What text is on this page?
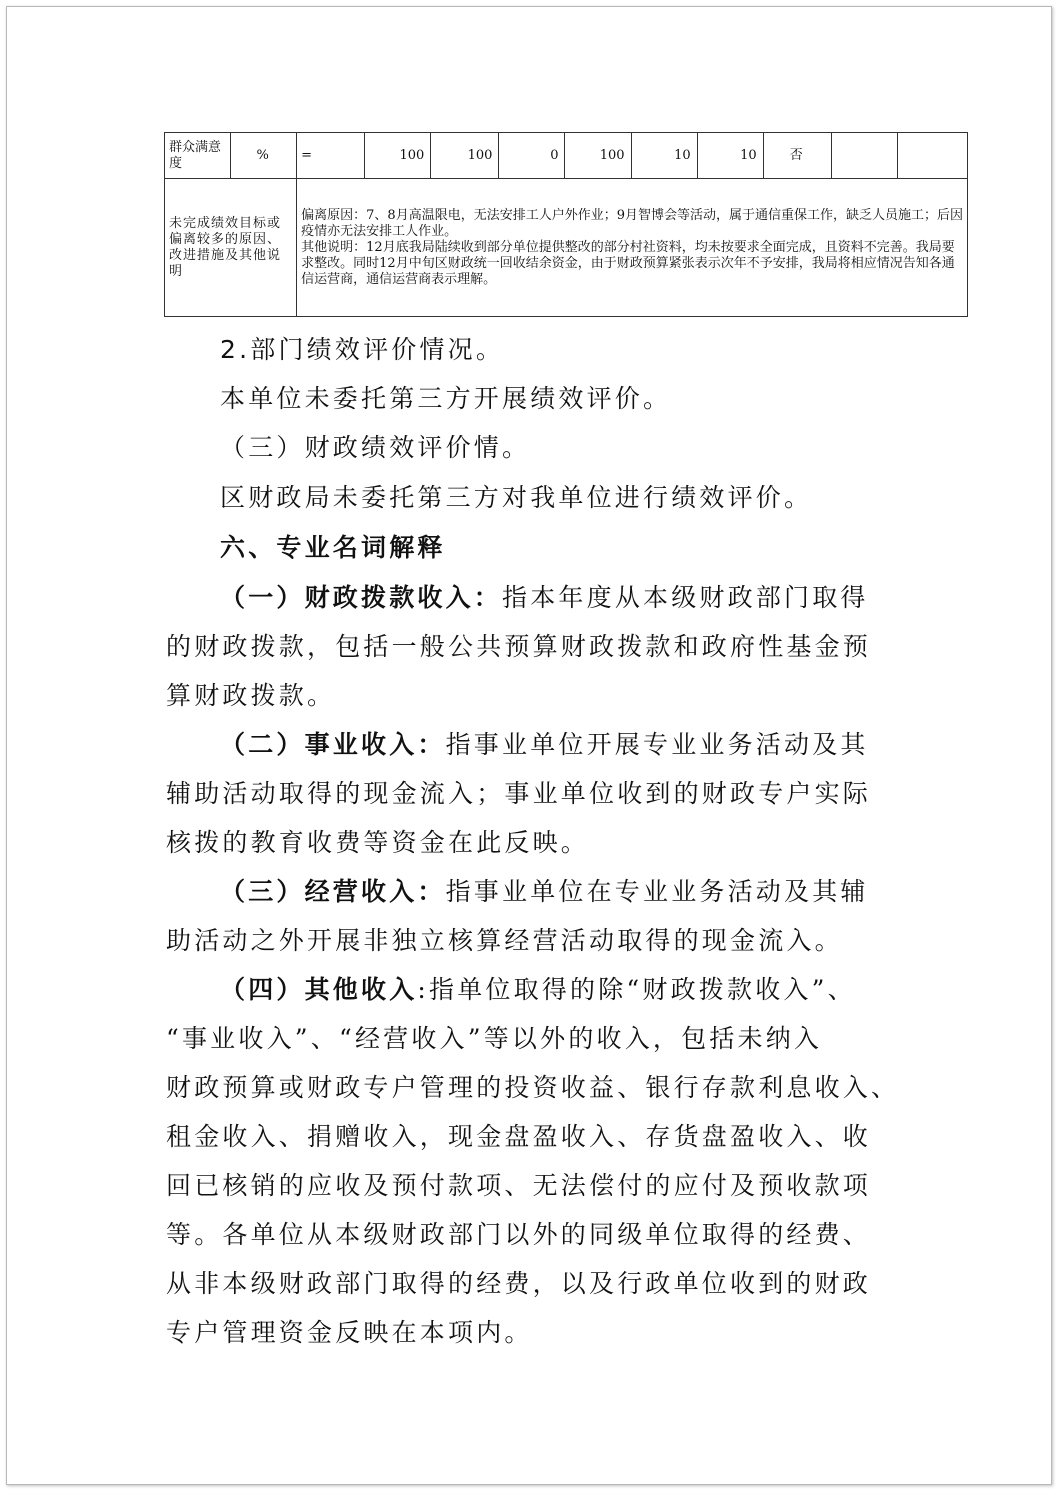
群众满意度	%	=	100	100	0	100	10	10	否		
未完成绩效目标或偏离较多的原因、改进措施及其他说明		偏离原因：7、8月高温限电，无法安排工人户外作业；9月智博会等活动，属于通信重保工作，缺乏人员施工；后因疫情亦无法安排工人作业。
其他说明：12月底我局陆续收到部分单位提供整改的部分村社资料，均未按要求全面完成，且资料不完善。我局要求整改。同时12月中旬区财政统一回收结余资金，由于财政预算紧张表示次年不予安排，我局将相应情况告知各通信运营商，通信运营商表示理解。									

2.部门绩效评价情况。

本单位未委托第三方开展绩效评价。

（三）财政绩效评价情。

区财政局未委托第三方对我单位进行绩效评价。

六、专业名词解释

（一）财政拨款收入：指本年度从本级财政部门取得

的财政拨款，包括一般公共预算财政拨款和政府性基金预

算财政拨款。

（二）事业收入：指事业单位开展专业业务活动及其

辅助活动取得的现金流入；事业单位收到的财政专户实际

核拨的教育收费等资金在此反映。

（三）经营收入：指事业单位在专业业务活动及其辅

助活动之外开展非独立核算经营活动取得的现金流入。

（四）其他收入:指单位取得的除“财政拨款收入”、

“事业收入”、“经营收入”等以外的收入，包括未纳入

财政预算或财政专户管理的投资收益、银行存款利息收入、

租金收入、捐赠收入，现金盘盈收入、存货盘盈收入、收

回已核销的应收及预付款项、无法偿付的应付及预收款项

等。各单位从本级财政部门以外的同级单位取得的经费、

从非本级财政部门取得的经费，以及行政单位收到的财政

专户管理资金反映在本项内。
